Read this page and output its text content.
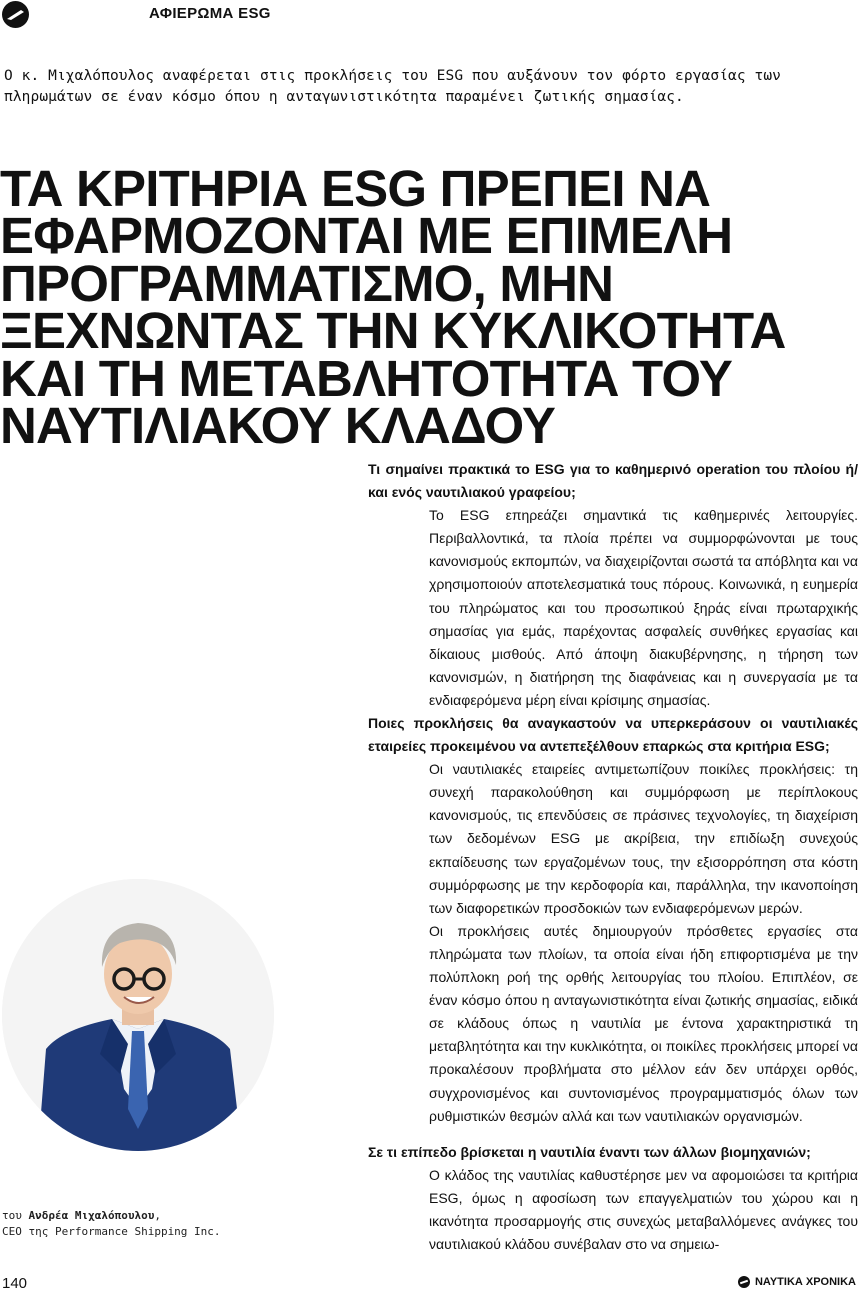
ΑΦΙΕΡΩΜΑ ESG

Ο κ. Μιχαλόπουλος αναφέρεται στις προκλήσεις του ESG που αυξάνουν τον φόρτο εργασίας των πληρωμάτων σε έναν κόσμο όπου η ανταγωνιστικότητα παραμένει ζωτικής σημασίας.

ΤΑ ΚΡΙΤΗΡΙΑ ESG ΠΡΕΠΕΙ ΝΑ
ΕΦΑΡΜΟΖΟΝΤΑΙ ΜΕ ΕΠΙΜΕΛΗ
ΠΡΟΓΡΑΜΜΑΤΙΣΜΟ, ΜΗΝ
ΞΕΧΝΩΝΤΑΣ ΤΗΝ ΚΥΚΛΙΚΟΤΗΤΑ
ΚΑΙ ΤΗ ΜΕΤΑΒΛΗΤΟΤΗΤΑ ΤΟΥ
ΝΑΥΤΙΛΙΑΚΟΥ ΚΛΑΔΟΥ

Τι σημαίνει πρακτικά το ESG για το καθημερινό operation του πλοίου ή/και ενός ναυτιλιακού γραφείου;

Το ESG επηρεάζει σημαντικά τις καθημερινές λειτουργίες. Περιβαλλοντικά, τα πλοία πρέπει να συμμορφώνονται με τους κανονισμούς εκπομπών, να διαχειρίζονται σωστά τα απόβλητα και να χρησιμοποιούν αποτελεσματικά τους πόρους. Κοινωνικά, η ευημερία του πληρώματος και του προσωπικού ξηράς είναι πρωταρχικής σημασίας για εμάς, παρέχοντας ασφαλείς συνθήκες εργασίας και δίκαιους μισθούς. Από άποψη διακυβέρνησης, η τήρηση των κανονισμών, η διατήρηση της διαφάνειας και η συνεργασία με τα ενδιαφερόμενα μέρη είναι κρίσιμης σημασίας.

Ποιες προκλήσεις θα αναγκαστούν να υπερκεράσουν οι ναυτιλιακές εταιρείες προκειμένου να αντεπεξέλθουν επαρκώς στα κριτήρια ESG;

Οι ναυτιλιακές εταιρείες αντιμετωπίζουν ποικίλες προκλήσεις: τη συνεχή παρακολούθηση και συμμόρφωση με περίπλοκους κανονισμούς, τις επενδύσεις σε πράσινες τεχνολογίες, τη διαχείριση των δεδομένων ESG με ακρίβεια, την επιδίωξη συνεχούς εκπαίδευσης των εργαζομένων τους, την εξισορρόπηση στα κόστη συμμόρφωσης με την κερδοφορία και, παράλληλα, την ικανοποίηση των διαφορετικών προσδοκιών των ενδιαφερόμενων μερών.

Οι προκλήσεις αυτές δημιουργούν πρόσθετες εργασίες στα πληρώματα των πλοίων, τα οποία είναι ήδη επιφορτισμένα με την πολύπλοκη ροή της ορθής λειτουργίας του πλοίου. Επιπλέον, σε έναν κόσμο όπου η ανταγωνιστικότητα είναι ζωτικής σημασίας, ειδικά σε κλάδους όπως η ναυτιλία με έντονα χαρακτηριστικά τη μεταβλητότητα και την κυκλικότητα, οι ποικίλες προκλήσεις μπορεί να προκαλέσουν προβλήματα στο μέλλον εάν δεν υπάρχει ορθός, συγχρονισμένος και συντονισμένος προγραμματισμός όλων των ρυθμιστικών θεσμών αλλά και των ναυτιλιακών οργανισμών.

Σε τι επίπεδο βρίσκεται η ναυτιλία έναντι των άλλων βιομηχανιών;

Ο κλάδος της ναυτιλίας καθυστέρησε μεν να αφομοιώσει τα κριτήρια ESG, όμως η αφοσίωση των επαγγελματιών του χώρου και η ικανότητα προσαρμογής στις συνεχώς μεταβαλλόμενες ανάγκες του ναυτιλιακού κλάδου συνέβαλαν στο να σημειω-

του Ανδρέα Μιχαλόπουλου,
CEO της Performance Shipping Inc.
140	ΝΑΥΤΙΚΑ ΧΡΟΝΙΚΑ
